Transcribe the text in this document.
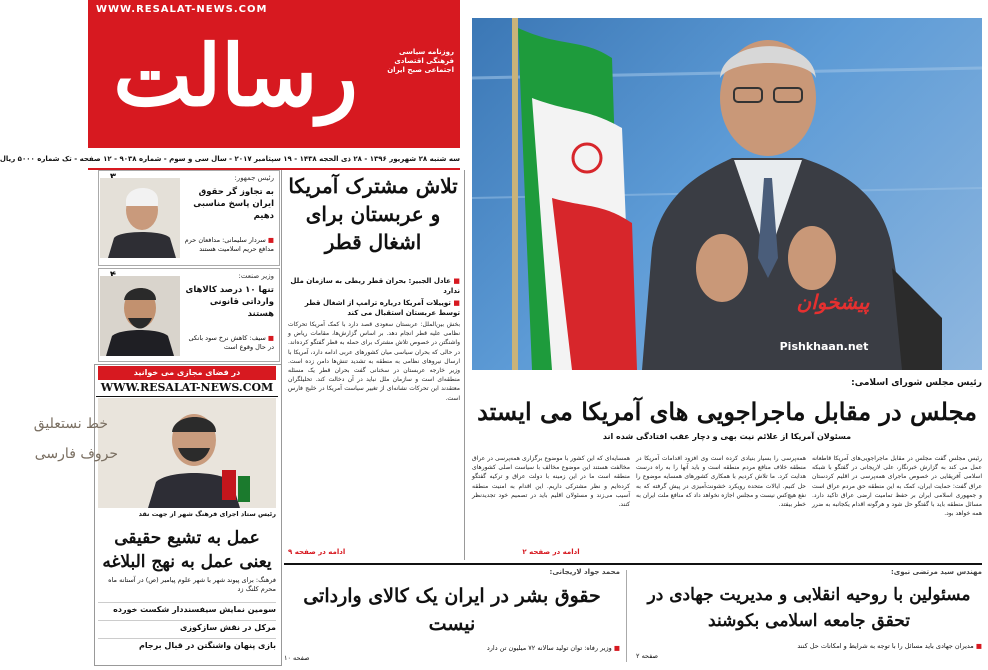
WWW.RESALAT-NEWS.COM
رسالت	روزنامه سیاسی فرهنگی اقتصادی اجتماعی صبح ایران
سه شنبه ۲۸ شهریور ۱۳۹۶ - ۲۸ ذی الحجه ۱۴۳۸ - ۱۹ سپتامبر ۲۰۱۷ - سال سی و سوم - شماره ۹۰۳۸ - ۱۲ صفحه - تک شماره ۵۰۰۰ ریال
پیشخوان
Pishkhaan.net
رئیس مجلس شورای اسلامی:
مجلس در مقابل ماجراجویی های آمریکا می ایستد
مسئولان آمریکا از علائم نیت بهی و دچار عقب افتادگی شده اند
رئیس مجلس گفت مجلس در مقابل ماجراجویی‌های آمریکا قاطعانه عمل می کند به گزارش خبرنگار، علی لاریجانی در گفتگو با شبکه اسلامی آفریقایی در خصوص ماجرای همه‌پرسی در اقلیم کردستان عراق گفت: حمایت ایران، کمک به این منطقه حق مردم عراق است و جمهوری اسلامی ایران بر حفظ تمامیت ارضی عراق تاکید دارد. مسائل منطقه باید با گفتگو حل شود و هرگونه اقدام یکجانبه به ضرر همه خواهد بود.
همه‌پرسی را بسیار بنیادی کرده است وی افزود اقدامات آمریکا در منطقه خلاف منافع مردم منطقه است و باید آنها را به راه درست هدایت کرد. ما تلاش کردیم با همکاری کشورهای همسایه موضوع را حل کنیم. ایالات متحده رویکرد خشونت‌آمیزی در پیش گرفته که به نفع هیچ‌کس نیست و مجلس اجازه نخواهد داد که منافع ملت ایران به خطر بیفتد.
همسایه‌ای که این کشور با موضوع برگزاری همه‌پرسی در عراق مخالفت هستند این موضوع مخالف با سیاست اصلی کشورهای منطقه است ما در این زمینه با دولت عراق و ترکیه گفتگو کرده‌ایم و نظر مشترکی داریم. این اقدام به امنیت منطقه آسیب می‌زند و مسئولان اقلیم باید در تصمیم خود تجدیدنظر کنند.
ادامه در صفحه ۲
تلاش مشترک آمریکا و عربستان برای اشغال قطر
■ عادل الجبیر: بحران قطر ربطی به سازمان ملل ندارد
■ توییلات آمریکا درباره ترامپ از اشغال قطر توسط عربستان استقبال می کند
بخش بین‌الملل: عربستان سعودی قصد دارد با کمک آمریکا تحرکات نظامی علیه قطر انجام دهد. بر اساس گزارش‌ها، مقامات ریاض و واشنگتن در خصوص تلاش مشترک برای حمله به قطر گفتگو کرده‌اند. در حالی که بحران سیاسی میان کشورهای عربی ادامه دارد، آمریکا با ارسال نیروهای نظامی به منطقه به تشدید تنش‌ها دامن زده است. وزیر خارجه عربستان در سخنانی گفت بحران قطر یک مسئله منطقه‌ای است و سازمان ملل نباید در آن دخالت کند. تحلیلگران معتقدند این تحرکات نشانه‌ای از تغییر سیاست آمریکا در خلیج فارس است.
ادامه در صفحه ۹
رئیس جمهور:
به تجاوز گر حقوق ایران پاسخ مناسبی دهیم
■ سردار سلیمانی: مدافعان حرم مدافع حریم اسلامیت هستند
وزیر صنعت:
تنها ۱۰ درصد کالاهای وارداتی قانونی هستند
■ سیف: کاهش نرخ سود بانکی در حال وقوع است
در فضای مجازی می خوانید
WWW.RESALAT-NEWS.COM
خط نستعلیق
حروف فارسی
رئیس ستاد اجرای فرهنگ شهر از جهت نقد
عمل به تشیع حقیقی یعنی عمل به نهج البلاغه
فرهنگ: برای پیوند شهر با شهر علوم پیامبر (ص) در آستانه ماه محرم کلنگ زد
سومین نمایش سیفسنددار شکست خورده
مرکل در نقش سازکوزی
بازی پنهان واشنگتن در قبال برجام
مهندس سید مرتضی نبوی:
مسئولین با روحیه انقلابی و مدیریت جهادی در تحقق جامعه اسلامی بکوشند
■ مدیران جهادی باید مسائل را با توجه به شرایط و امکانات حل کنند
صفحه ۲
محمد جواد لاریجانی:
حقوق بشر در ایران یک کالای وارداتی نیست
■ وزیر رفاه: توان تولید سالانه ۷۲ میلیون تن دارد
صفحه ۱۰
